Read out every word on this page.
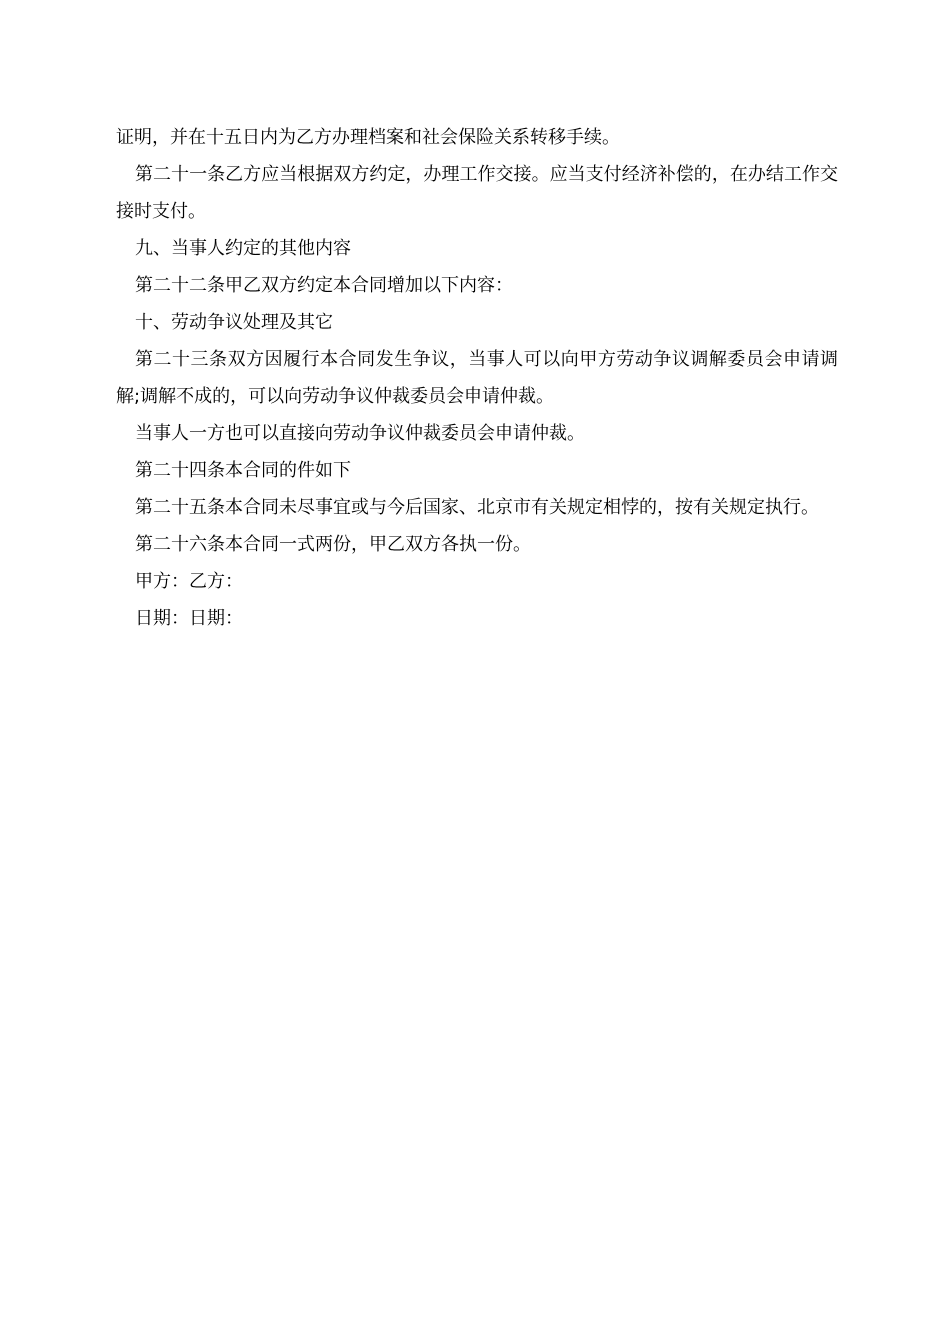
证明，并在十五日内为乙方办理档案和社会保险关系转移手续。

第二十一条乙方应当根据双方约定，办理工作交接。应当支付经济补偿的，在办结工作交接时支付。

九、当事人约定的其他内容

第二十二条甲乙双方约定本合同增加以下内容：

十、劳动争议处理及其它

第二十三条双方因履行本合同发生争议，当事人可以向甲方劳动争议调解委员会申请调解;调解不成的，可以向劳动争议仲裁委员会申请仲裁。

当事人一方也可以直接向劳动争议仲裁委员会申请仲裁。

第二十四条本合同的件如下

第二十五条本合同未尽事宜或与今后国家、北京市有关规定相悖的，按有关规定执行。

第二十六条本合同一式两份，甲乙双方各执一份。

甲方：乙方：

日期：日期：
